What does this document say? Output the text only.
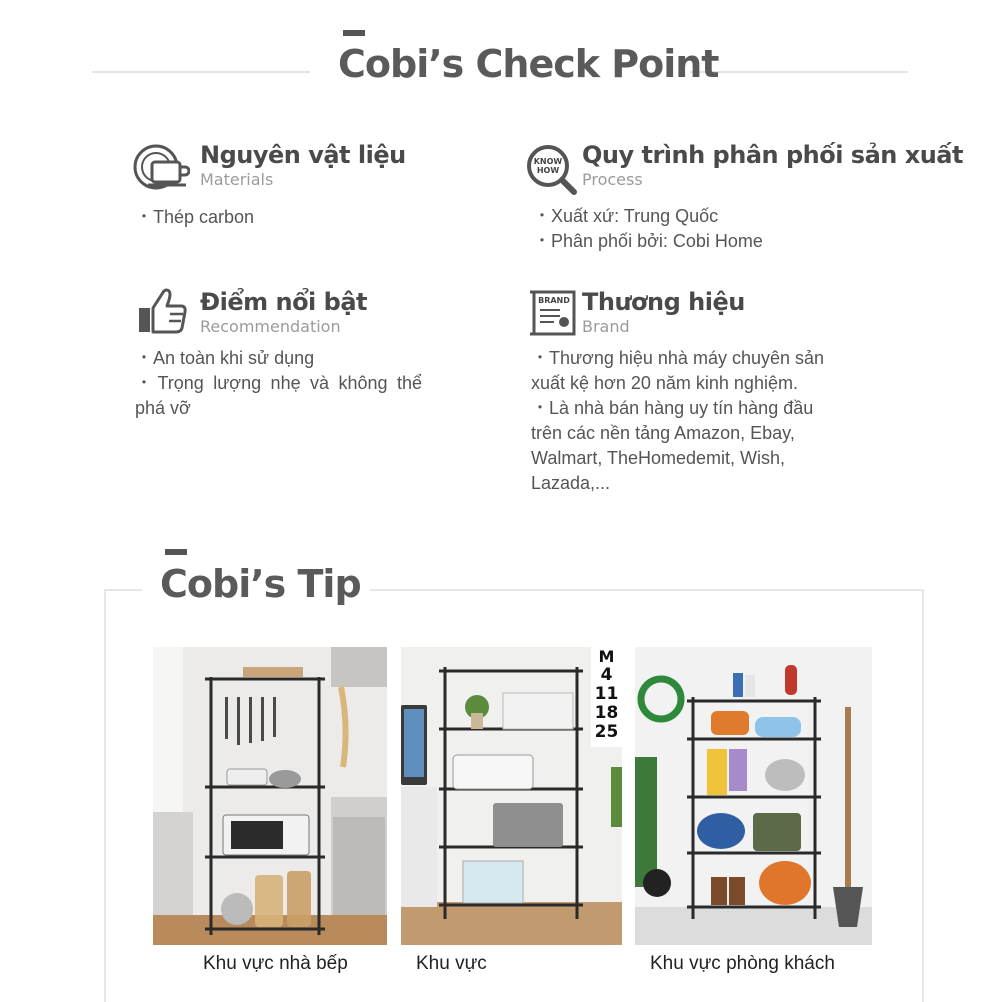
Cobi’s Check Point
Nguyên vật liệu
Materials
・Thép carbon
KNOW
HOW
Quy trình phân phối sản xuất
Process
・Xuất xứ: Trung Quốc
・Phân phối bởi: Cobi Home
Điểm nổi bật
Recommendation
・An toàn khi sử dụng
・Trọng lượng nhẹ và không thể phá vỡ
BRAND Thương hiệu
Brand
・Thương hiệu nhà máy chuyên sản xuất kệ hơn 20 năm kinh nghiệm.
・Là nhà bán hàng uy tín hàng đầu trên các nền tảng Amazon, Ebay, Walmart, TheHomedemit, Wish, Lazada,...
Cobi’s Tip
M
4
11
18
25
Khu vực nhà bếp	Khu vực	Khu vực phòng khách
